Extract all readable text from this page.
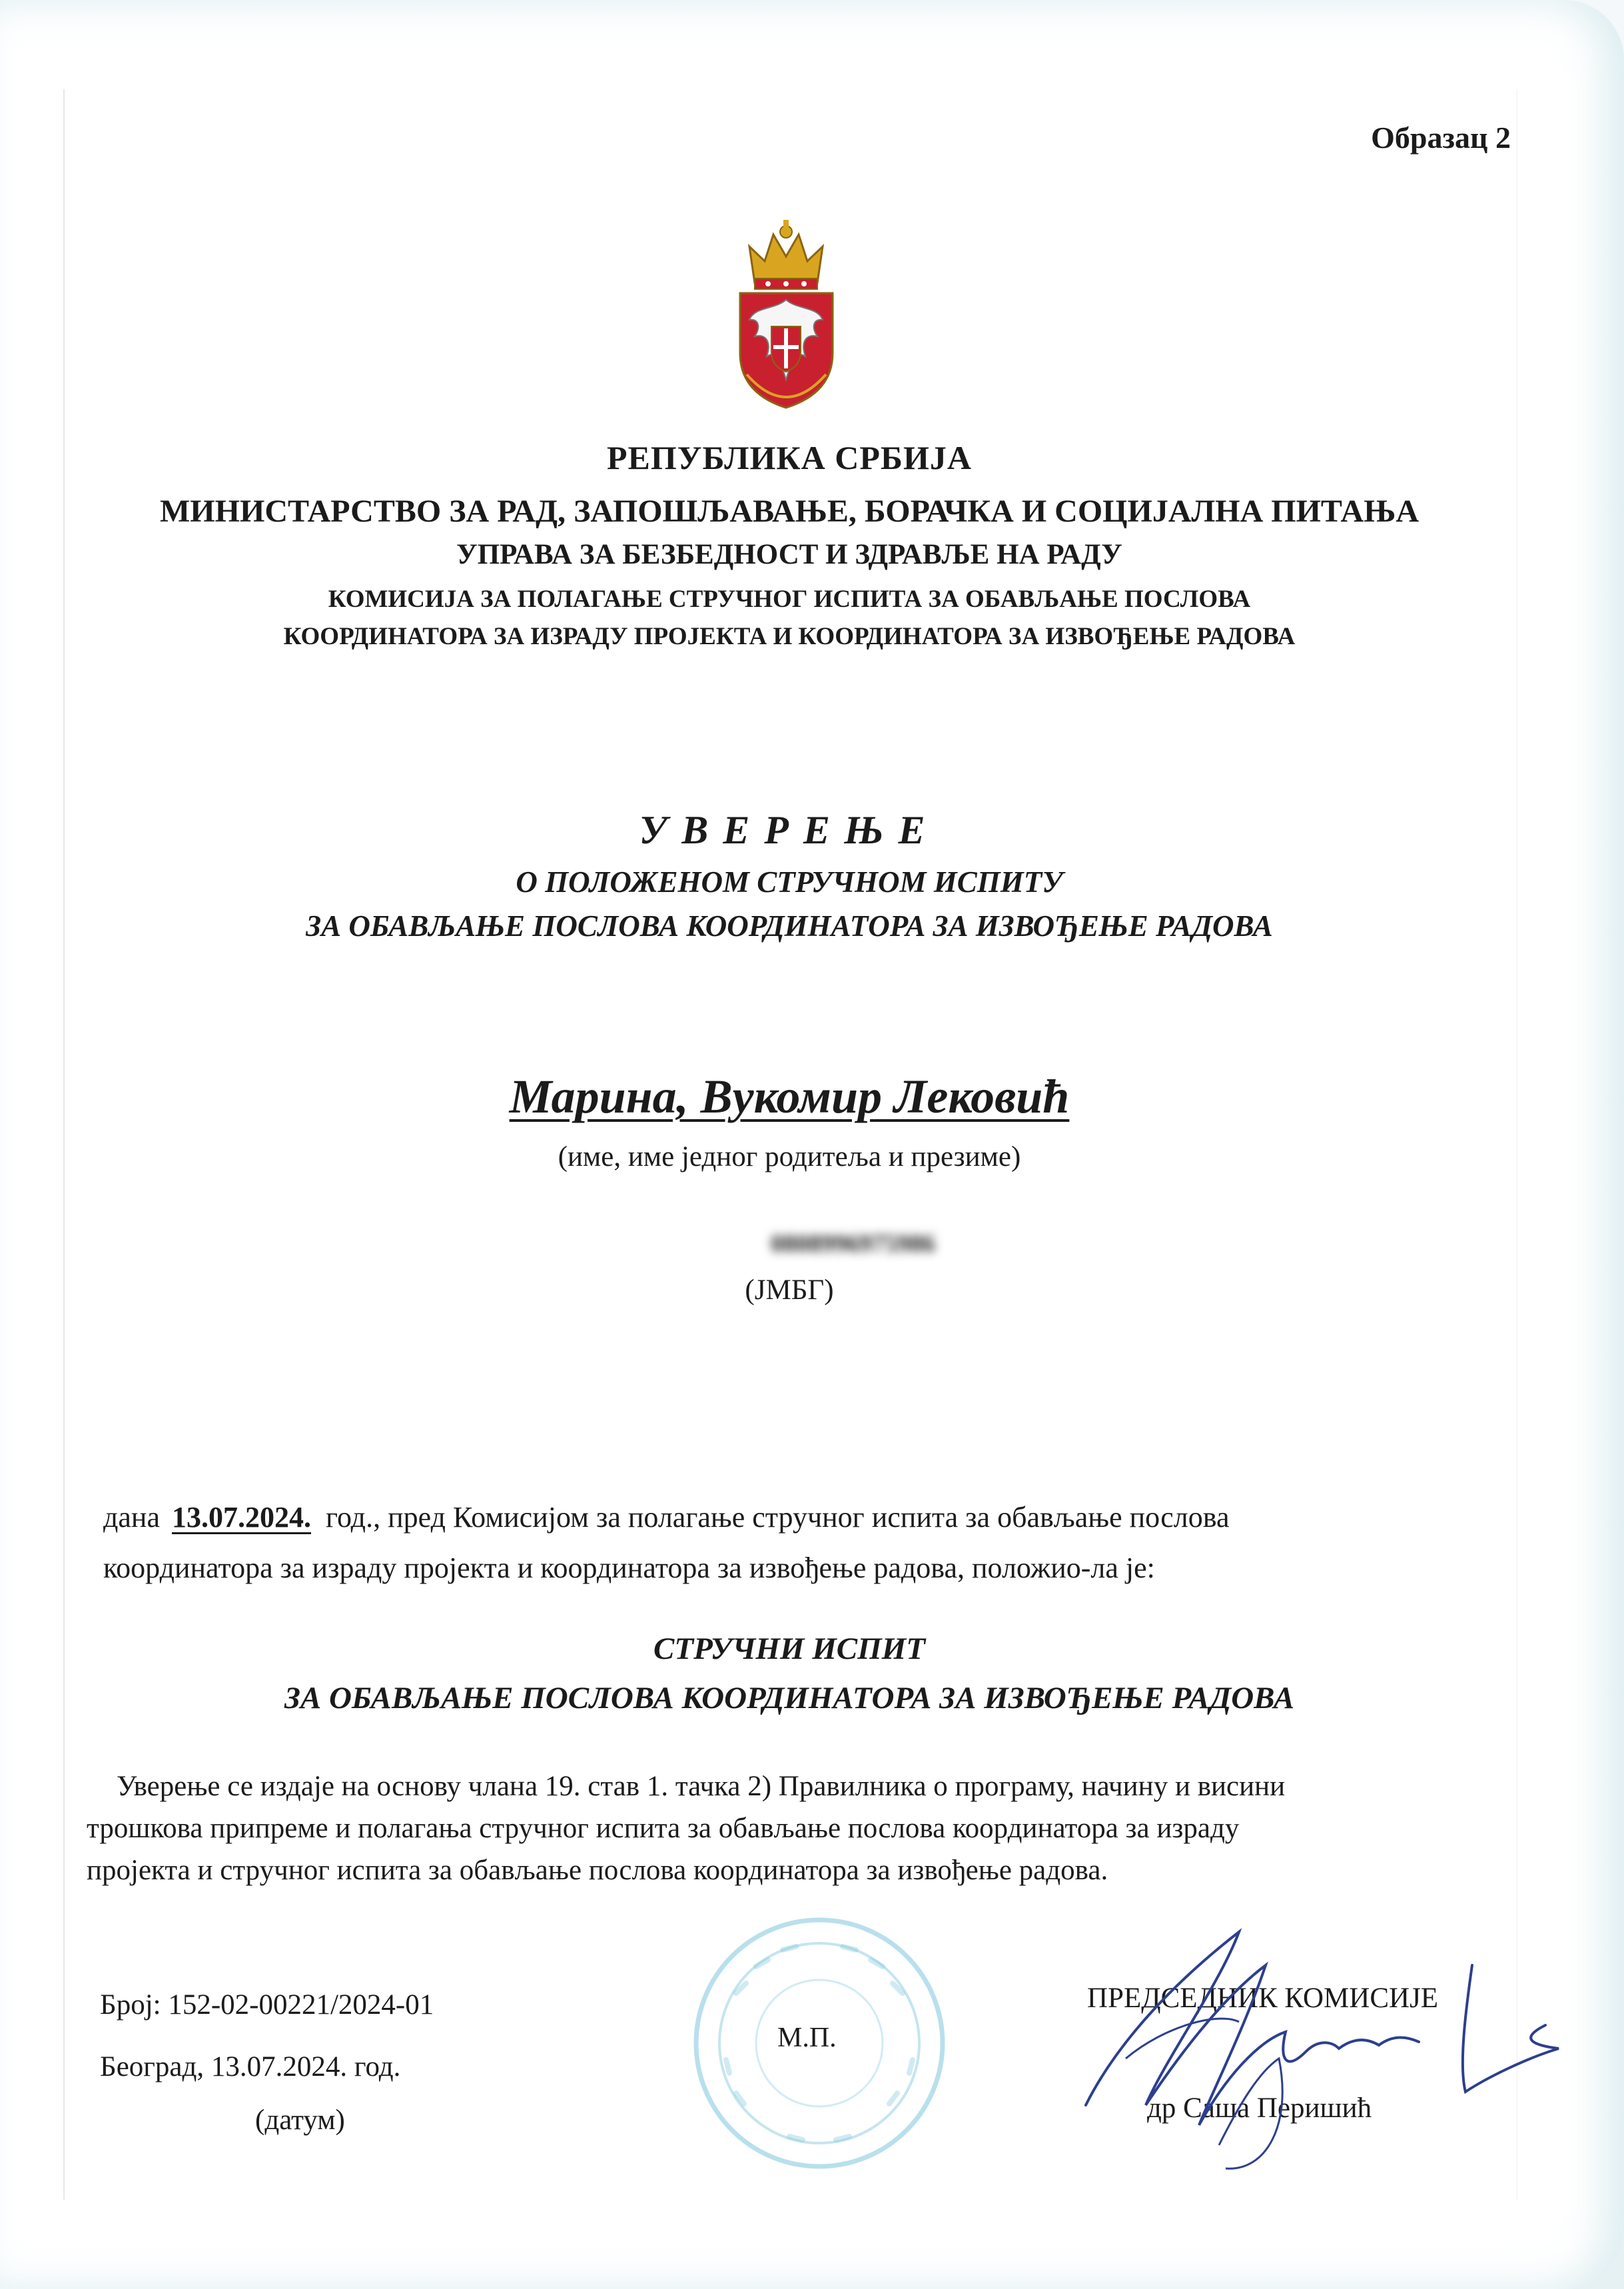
Образац 2
РЕПУБЛИКА СРБИЈА
МИНИСТАРСТВО ЗА РАД, ЗАПОШЉАВАЊЕ, БОРАЧКА И СОЦИЈАЛНА ПИТАЊА
УПРАВА ЗА БЕЗБЕДНОСТ И ЗДРАВЉЕ НА РАДУ
КОМИСИЈА ЗА ПОЛАГАЊЕ СТРУЧНОГ ИСПИТА ЗА ОБАВЉАЊЕ ПОСЛОВА
КООРДИНАТОРА ЗА ИЗРАДУ ПРОЈЕКТА И КООРДИНАТОРА ЗА ИЗВОЂЕЊЕ РАДОВА
УВЕРЕЊЕ
О ПОЛОЖЕНОМ СТРУЧНОМ ИСПИТУ
ЗА ОБАВЉАЊЕ ПОСЛОВА КООРДИНАТОРА ЗА ИЗВОЂЕЊЕ РАДОВА
Марина, Вукомир Лековић
(име, име једног родитеља и презиме)
0808996975986
(ЈМБГ)
дана 13.07.2024. год., пред Комисијом за полагање стручног испита за обављање послова
координатора за израду пројекта и координатора за извођење радова, положио-ла је:
СТРУЧНИ ИСПИТ
ЗА ОБАВЉАЊЕ ПОСЛОВА КООРДИНАТОРА ЗА ИЗВОЂЕЊЕ РАДОВА
Уверење се издаје на основу члана 19. став 1. тачка 2) Правилника о програму, начину и висини
трошкова припреме и полагања стручног испита за обављање послова координатора за израду
пројекта и стручног испита за обављање послова координатора за извођење радова.
Број: 152-02-00221/2024-01
Београд, 13.07.2024. год.
(датум)
М.П.
ПРЕДСЕДНИК КОМИСИЈЕ
др Саша Перишић
